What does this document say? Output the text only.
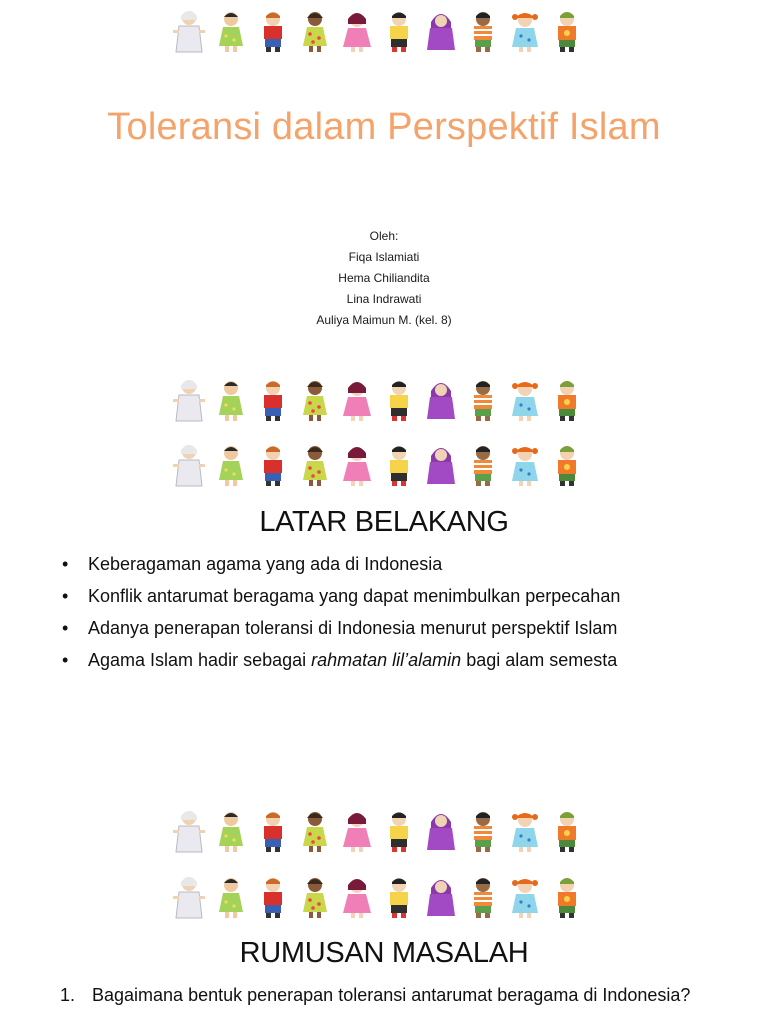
Toleransi dalam Perspektif Islam
Oleh:
Fiqa Islamiati
Hema Chiliandita
Lina Indrawati
Auliya Maimun M. (kel. 8)
LATAR BELAKANG
• Keberagaman agama yang ada di Indonesia
• Konflik antarumat beragama yang dapat menimbulkan perpecahan
• Adanya penerapan toleransi di Indonesia menurut perspektif Islam
• Agama Islam hadir sebagai rahmatan lil’alamin bagi alam semesta
RUMUSAN MASALAH
1. Bagaimana bentuk penerapan toleransi antarumat beragama di Indonesia?
